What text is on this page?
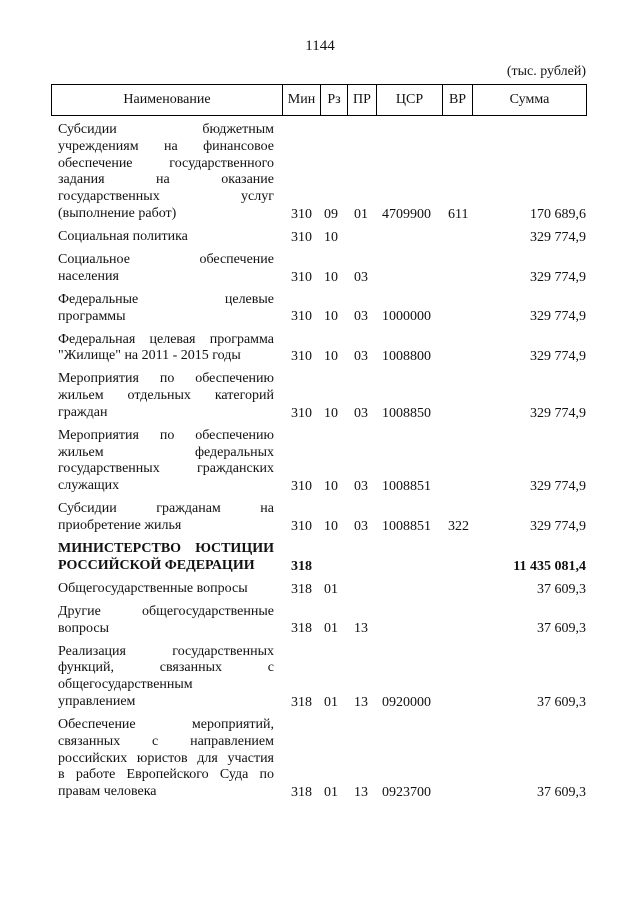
1144
(тыс. рублей)
Наименование	Мин Рз ПР	ЦСР	ВР	Сумма
Субсидии бюджетным
учреждениям на финансовое
обеспечение государственного
задания на оказание
государственных услуг
(выполнение работ)	310 09 01 4709900 611	170 689,6
Социальная политика	310 10	329 774,9
Социальное обеспечение
населения	310 10 03	329 774,9
Федеральные целевые
программы	310 10 03 1000000	329 774,9
Федеральная целевая программа
"Жилище" на 2011 - 2015 годы	310 10 03 1008800	329 774,9
Мероприятия по обеспечению
жильем отдельных категорий
граждан	310 10 03 1008850	329 774,9
Мероприятия по обеспечению
жильем федеральных
государственных гражданских
служащих	310 10 03 1008851	329 774,9
Субсидии гражданам на
приобретение жилья	310 10 03 1008851 322	329 774,9
МИНИСТЕРСТВО ЮСТИЦИИ
РОССИЙСКОЙ ФЕДЕРАЦИИ	318	11 435 081,4
Общегосударственные вопросы	318 01	37 609,3
Другие общегосударственные
вопросы	318 01 13	37 609,3
Реализация государственных
функций, связанных с
общегосударственным
управлением	318 01 13 0920000	37 609,3
Обеспечение мероприятий,
связанных с направлением
российских юристов для участия
в работе Европейского Суда по
правам человека	318 01 13 0923700	37 609,3
